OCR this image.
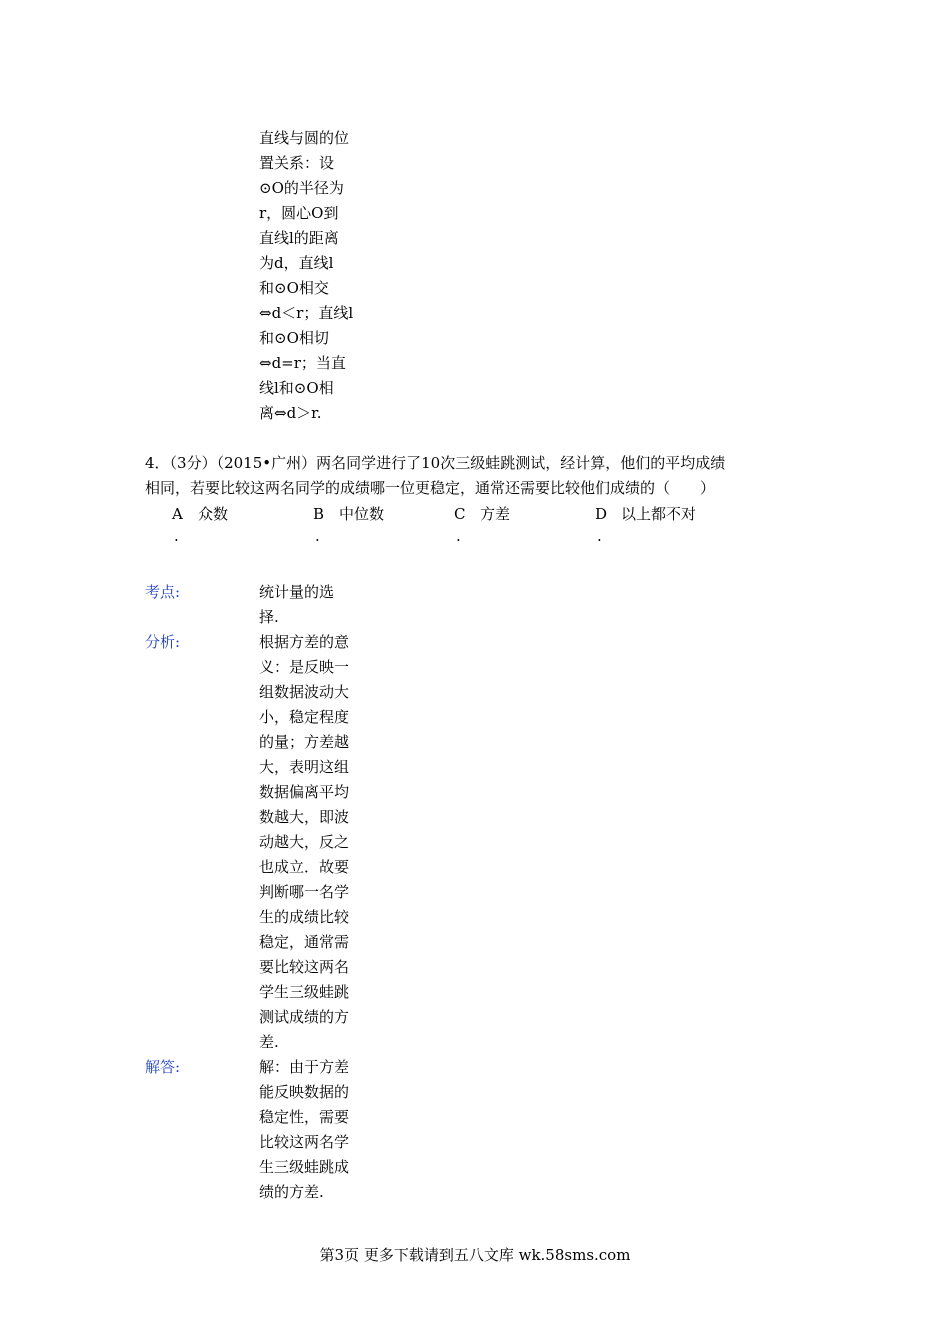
直线与圆的位
置关系：设
⊙O的半径为
r，圆心O到
直线l的距离
为d，直线l
和⊙O相交
⇔d＜r；直线l
和⊙O相切
⇔d=r；当直
线l和⊙O相
离⇔d＞r.
4．（3分）（2015•广州）两名同学进行了10次三级蛙跳测试，经计算，他们的平均成绩
相同，若要比较这两名同学的成绩哪一位更稳定，通常还需要比较他们成绩的（　　）
A 众数
.
B 中位数
.
C 方差
.
D 以上都不对
.
考点:	统计量的选
择.
分析:	根据方差的意
义：是反映一
组数据波动大
小，稳定程度
的量；方差越
大，表明这组
数据偏离平均
数越大，即波
动越大，反之
也成立．故要
判断哪一名学
生的成绩比较
稳定，通常需
要比较这两名
学生三级蛙跳
测试成绩的方
差.
解答:	解：由于方差
能反映数据的
稳定性，需要
比较这两名学
生三级蛙跳成
绩的方差.
第3页 更多下载请到五八文库 wk.58sms.com
